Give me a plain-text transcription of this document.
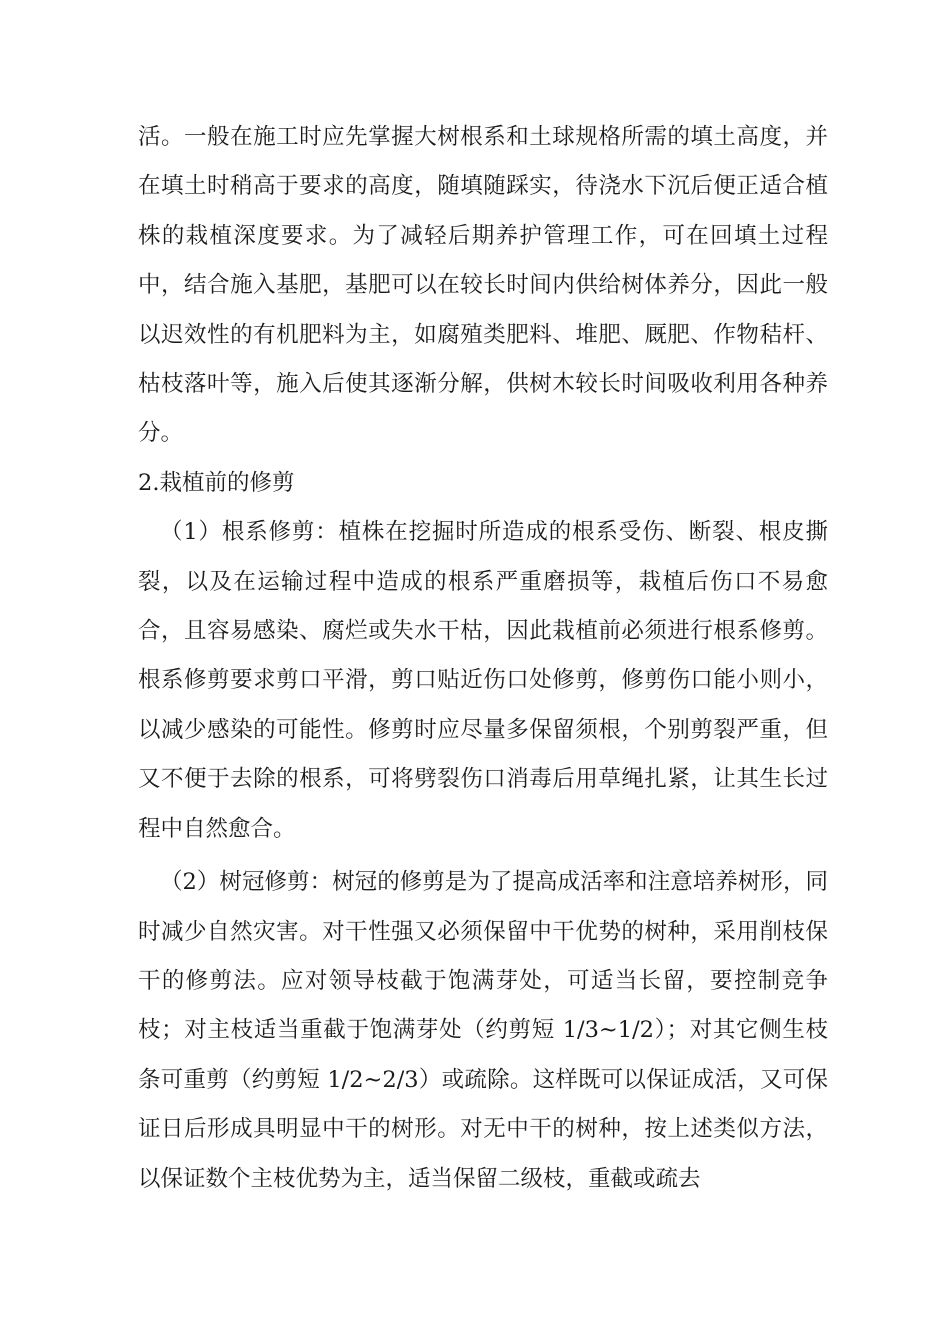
活。一般在施工时应先掌握大树根系和土球规格所需的填土高度，并在填土时稍高于要求的高度，随填随踩实，待浇水下沉后便正适合植株的栽植深度要求。为了减轻后期养护管理工作，可在回填土过程中，结合施入基肥，基肥可以在较长时间内供给树体养分，因此一般以迟效性的有机肥料为主，如腐殖类肥料、堆肥、厩肥、作物秸杆、枯枝落叶等，施入后使其逐渐分解，供树木较长时间吸收利用各种养分。

2.栽植前的修剪

（1）根系修剪：植株在挖掘时所造成的根系受伤、断裂、根皮撕裂，以及在运输过程中造成的根系严重磨损等，栽植后伤口不易愈合，且容易感染、腐烂或失水干枯，因此栽植前必须进行根系修剪。根系修剪要求剪口平滑，剪口贴近伤口处修剪，修剪伤口能小则小，以减少感染的可能性。修剪时应尽量多保留须根，个别剪裂严重，但又不便于去除的根系，可将劈裂伤口消毒后用草绳扎紧，让其生长过程中自然愈合。

（2）树冠修剪：树冠的修剪是为了提高成活率和注意培养树形，同时减少自然灾害。对干性强又必须保留中干优势的树种，采用削枝保干的修剪法。应对领导枝截于饱满芽处，可适当长留，要控制竞争枝；对主枝适当重截于饱满芽处（约剪短 1/3~1/2）；对其它侧生枝条可重剪（约剪短 1/2~2/3）或疏除。这样既可以保证成活，又可保证日后形成具明显中干的树形。对无中干的树种，按上述类似方法，以保证数个主枝优势为主，适当保留二级枝，重截或疏去
